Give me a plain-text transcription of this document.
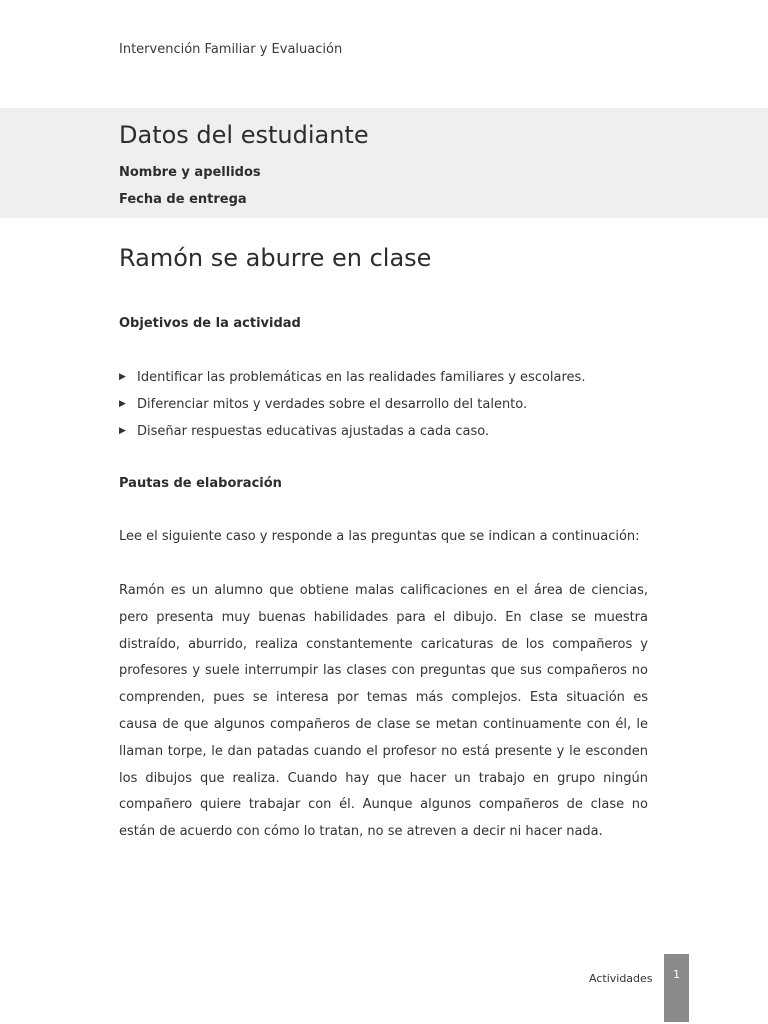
Intervención Familiar y Evaluación
Datos del estudiante
Nombre y apellidos
Fecha de entrega
Ramón se aburre en clase
Objetivos de la actividad
▶ Identificar las problemáticas en las realidades familiares y escolares.
▶ Diferenciar mitos y verdades sobre el desarrollo del talento.
▶ Diseñar respuestas educativas ajustadas a cada caso.
Pautas de elaboración

Lee el siguiente caso y responde a las preguntas que se indican a continuación:

Ramón es un alumno que obtiene malas calificaciones en el área de ciencias, pero presenta muy buenas habilidades para el dibujo. En clase se muestra distraído, aburrido, realiza constantemente caricaturas de los compañeros y profesores y suele interrumpir las clases con preguntas que sus compañeros no comprenden, pues se interesa por temas más complejos. Esta situación es causa de que algunos compañeros de clase se metan continuamente con él, le llaman torpe, le dan patadas cuando el profesor no está presente y le esconden los dibujos que realiza. Cuando hay que hacer un trabajo en grupo ningún compañero quiere trabajar con él. Aunque algunos compañeros de clase no están de acuerdo con cómo lo tratan, no se atreven a decir ni hacer nada.

Actividades	1
